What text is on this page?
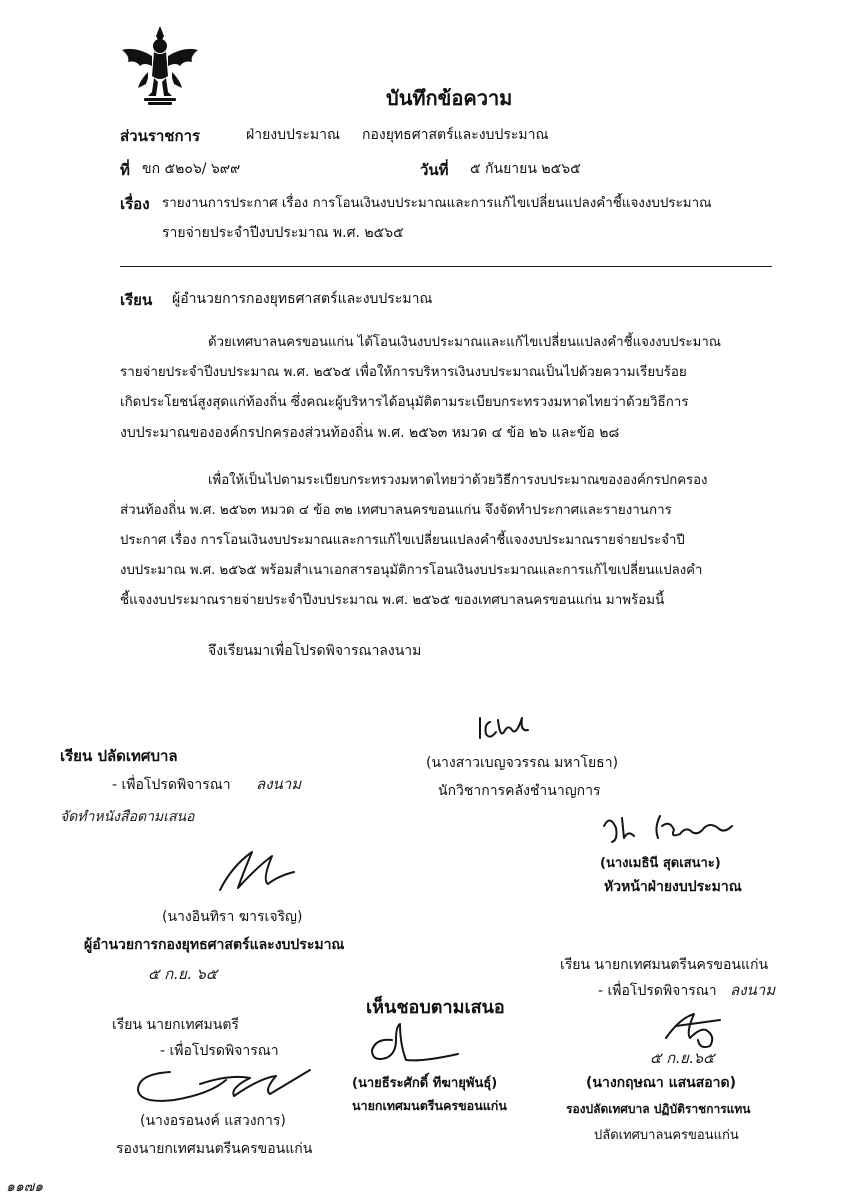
บันทึกข้อความ
ส่วนราชการ	ฝ่ายงบประมาณ กองยุทธศาสตร์และงบประมาณ
ที่ ขก ๕๒๐๖/ ๖๙๙	วันที่ ๕ กันยายน ๒๕๖๕
เรื่อง รายงานการประกาศ เรื่อง การโอนเงินงบประมาณและการแก้ไขเปลี่ยนแปลงคำชี้แจงงบประมาณ
รายจ่ายประจำปีงบประมาณ พ.ศ. ๒๕๖๕
เรียน ผู้อำนวยการกองยุทธศาสตร์และงบประมาณ
ด้วยเทศบาลนครขอนแก่น ได้โอนเงินงบประมาณและแก้ไขเปลี่ยนแปลงคำชี้แจงงบประมาณ
รายจ่ายประจำปีงบประมาณ พ.ศ. ๒๕๖๕ เพื่อให้การบริหารเงินงบประมาณเป็นไปด้วยความเรียบร้อย
เกิดประโยชน์สูงสุดแก่ท้องถิ่น ซึ่งคณะผู้บริหารได้อนุมัติตามระเบียบกระทรวงมหาดไทยว่าด้วยวิธีการ
งบประมาณขององค์กรปกครองส่วนท้องถิ่น พ.ศ. ๒๕๖๓ หมวด ๔ ข้อ ๒๖ และข้อ ๒๘
เพื่อให้เป็นไปตามระเบียบกระทรวงมหาดไทยว่าด้วยวิธีการงบประมาณขององค์กรปกครอง
ส่วนท้องถิ่น พ.ศ. ๒๕๖๓ หมวด ๔ ข้อ ๓๒ เทศบาลนครขอนแก่น จึงจัดทำประกาศและรายงานการ
ประกาศ เรื่อง การโอนเงินงบประมาณและการแก้ไขเปลี่ยนแปลงคำชี้แจงงบประมาณรายจ่ายประจำปี
งบประมาณ พ.ศ. ๒๕๖๕ พร้อมสำเนาเอกสารอนุมัติการโอนเงินงบประมาณและการแก้ไขเปลี่ยนแปลงคำ
ชี้แจงงบประมาณรายจ่ายประจำปีงบประมาณ พ.ศ. ๒๕๖๕ ของเทศบาลนครขอนแก่น มาพร้อมนี้
จึงเรียนมาเพื่อโปรดพิจารณาลงนาม
(นางสาวเบญจวรรณ มหาโยธา)
นักวิชาการคลังชำนาญการ
(นางเมธินี สุดเสนาะ)
หัวหน้าฝ่ายงบประมาณ
เรียน ปลัดเทศบาล
- เพื่อโปรดพิจารณา ลงนาม
จัดทำหนังสือตามเสนอ
(นางอินทิรา ฆารเจริญ)
ผู้อำนวยการกองยุทธศาสตร์และงบประมาณ
๕ ก.ย. ๖๕	เรียน นายกเทศมนตรีนครขอนแก่น
- เพื่อโปรดพิจารณา ลงนาม
๕ ก.ย.๖๕
(นางกฤษณา แสนสอาด)
รองปลัดเทศบาล ปฏิบัติราชการแทน
ปลัดเทศบาลนครขอนแก่น
เห็นชอบตามเสนอ
(นายธีระศักดิ์ ทีฆายุพันธุ์)
นายกเทศมนตรีนครขอนแก่น
เรียน นายกเทศมนตรี
- เพื่อโปรดพิจารณา
(นางอรอนงค์ แสวงการ)
รองนายกเทศมนตรีนครขอนแก่น
๑๑๗๑
